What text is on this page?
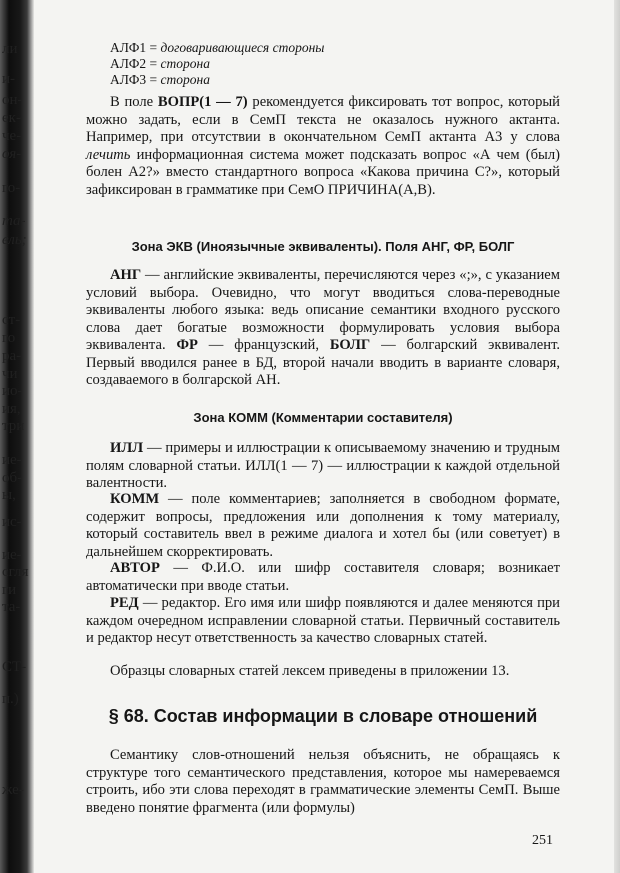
ли
и-
он-
ек-
че-
оя-
го-
та-
ель;
ст-
го
ра-
чи
ио-
ия,
три
ие-
об-
ы,
ис-
ие-
сгля
ги
та-
СТ-
п.)
же-
АЛФ1 = договаривающиеся стороны
АЛФ2 = сторона
АЛФ3 = сторона
В поле ВОПР(1 — 7) рекомендуется фиксировать тот вопрос, который можно задать, если в СемП текста не оказалось нужного актанта. Например, при отсутствии в окончательном СемП актанта А3 у слова лечить информационная система может подсказать вопрос «А чем (был) болен А2?» вместо стандартного вопроса «Какова причина С?», который зафиксирован в грамматике при СемО ПРИЧИНА(А,В).
Зона ЭКВ (Иноязычные эквиваленты). Поля АНГ, ФР, БОЛГ
АНГ — английские эквиваленты, перечисляются через «;», с указанием условий выбора. Очевидно, что могут вводиться слова-переводные эквиваленты любого языка: ведь описание семантики входного русского слова дает богатые возможности формулировать условия выбора эквивалента. ФР — французский, БОЛГ — болгарский эквивалент. Первый вводился ранее в БД, второй начали вводить в варианте словаря, создаваемого в болгарской АН.
Зона КОММ (Комментарии составителя)
ИЛЛ — примеры и иллюстрации к описываемому значению и трудным полям словарной статьи. ИЛЛ(1 — 7) — иллюстрации к каждой отдельной валентности.
КОММ — поле комментариев; заполняется в свободном формате, содержит вопросы, предложения или дополнения к тому материалу, который составитель ввел в режиме диалога и хотел бы (или советует) в дальнейшем скорректировать.
АВТОР — Ф.И.О. или шифр составителя словаря; возникает автоматически при вводе статьи.
РЕД — редактор. Его имя или шифр появляются и далее меняются при каждом очередном исправлении словарной статьи. Первичный составитель и редактор несут ответственность за качество словарных статей.
Образцы словарных статей лексем приведены в приложении 13.
§ 68. Состав информации в словаре отношений
Семантику слов-отношений нельзя объяснить, не обращаясь к структуре того семантического представления, которое мы намереваемся строить, ибо эти слова переходят в грамматические элементы СемП. Выше введено понятие фрагмента (или формулы)
251
